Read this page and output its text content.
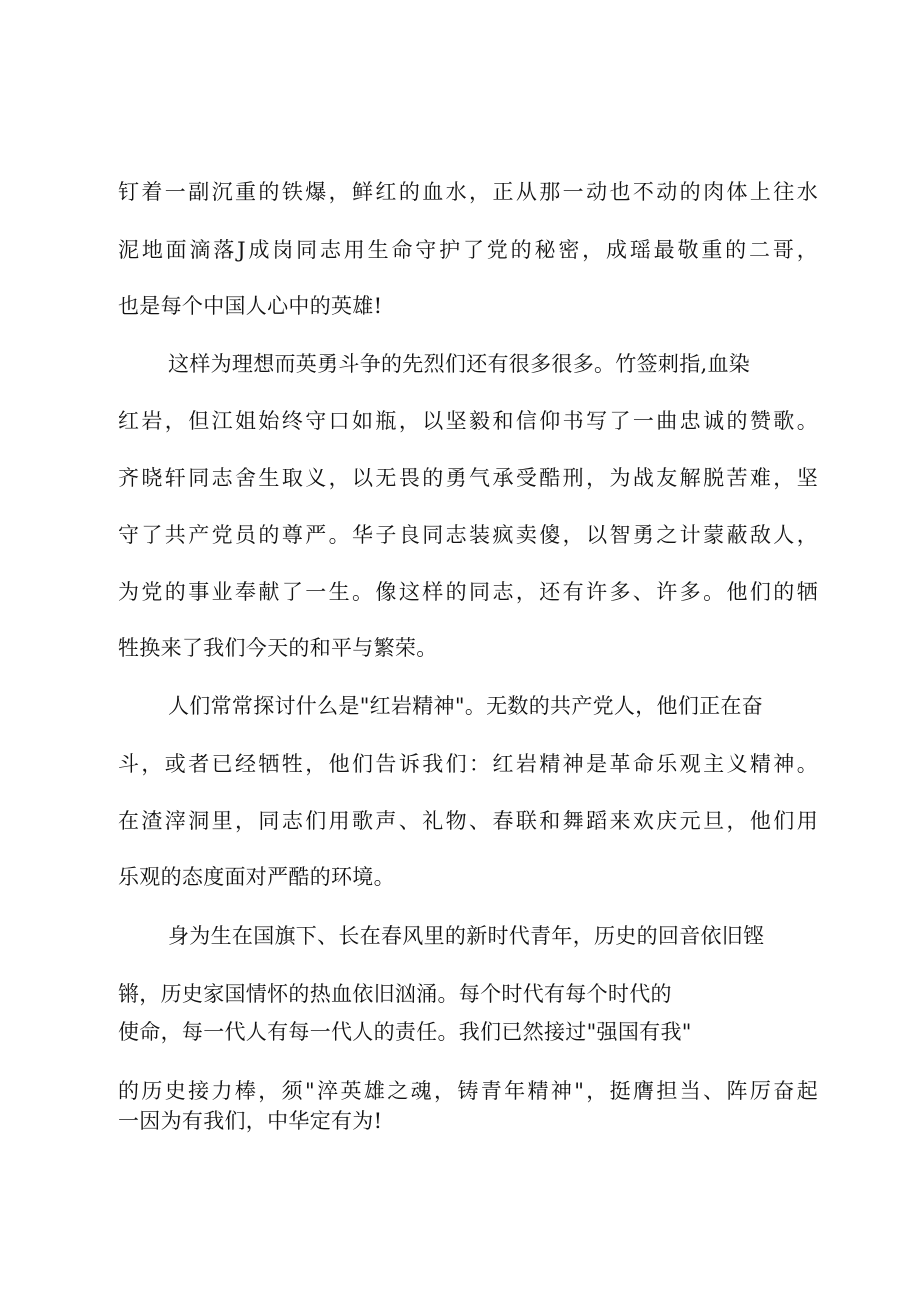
钉着一副沉重的铁爆，鲜红的血水，正从那一动也不动的肉体上往水
泥地面滴落J成岗同志用生命守护了党的秘密，成瑶最敬重的二哥，
也是每个中国人心中的英雄!
这样为理想而英勇斗争的先烈们还有很多很多。竹签刺指,血染
红岩，但江姐始终守口如瓶，以坚毅和信仰书写了一曲忠诚的赞歌。
齐晓轩同志舍生取义，以无畏的勇气承受酷刑，为战友解脱苦难，坚
守了共产党员的尊严。华子良同志装疯卖傻，以智勇之计蒙蔽敌人，
为党的事业奉献了一生。像这样的同志，还有许多、许多。他们的牺
牲换来了我们今天的和平与繁荣。
人们常常探讨什么是"红岩精神"。无数的共产党人，他们正在奋
斗，或者已经牺牲，他们告诉我们：红岩精神是革命乐观主义精神。
在渣滓洞里，同志们用歌声、礼物、春联和舞蹈来欢庆元旦，他们用
乐观的态度面对严酷的环境。
身为生在国旗下、长在春风里的新时代青年，历史的回音依旧铿
锵，历史家国情怀的热血依旧汹涌。每个时代有每个时代的
使命，每一代人有每一代人的责任。我们已然接过"强国有我"
的历史接力棒，须"淬英雄之魂，铸青年精神"，挺膺担当、阵厉奋起
一因为有我们，中华定有为!
